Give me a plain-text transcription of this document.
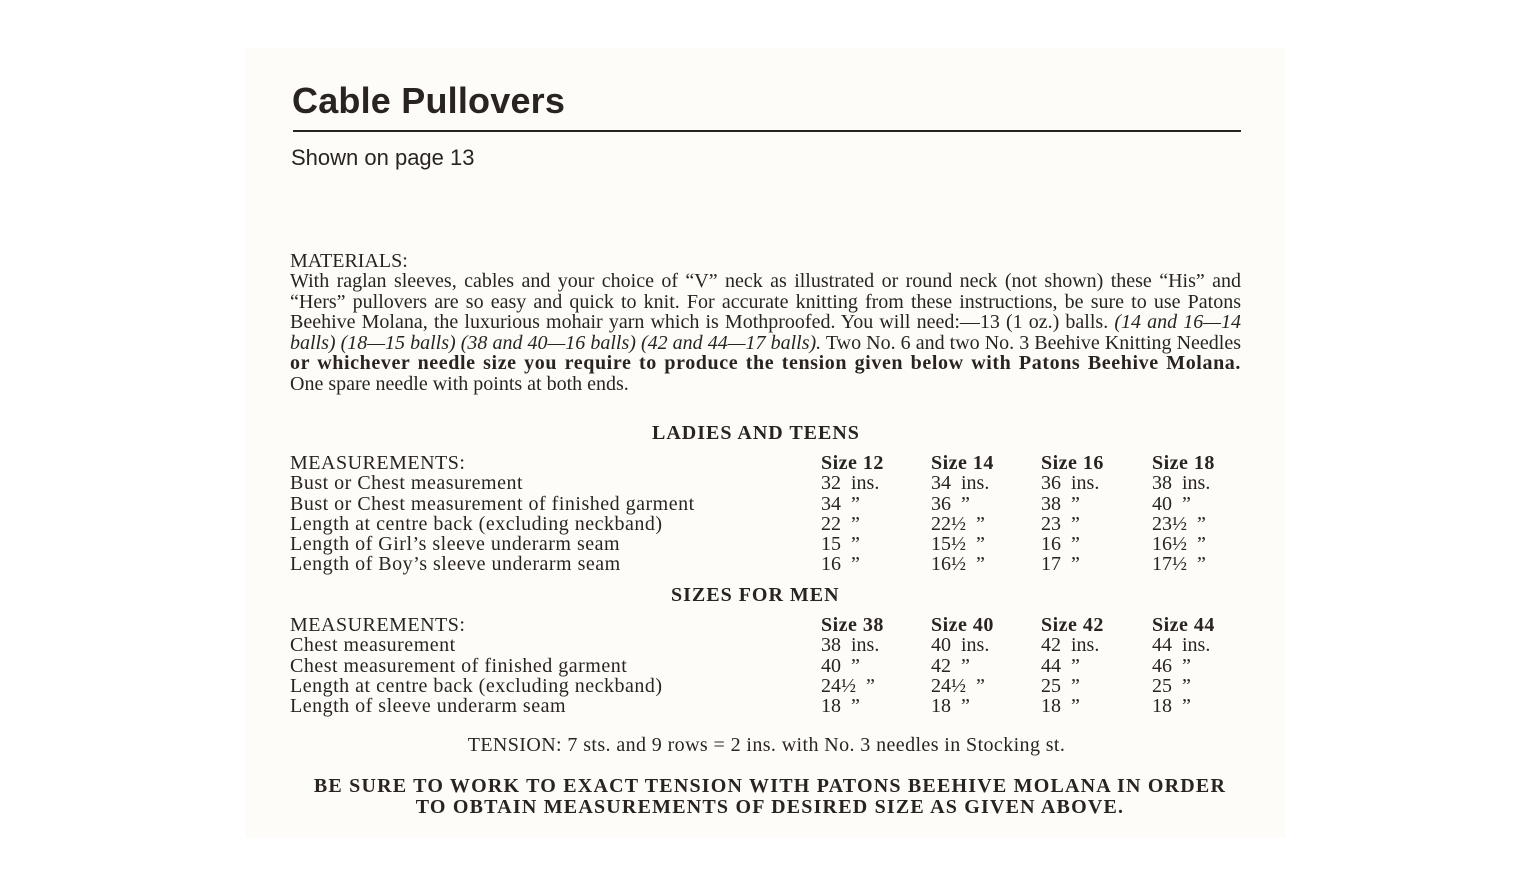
Cable Pullovers
Shown on page 13
MATERIALS:
With raglan sleeves, cables and your choice of “V” neck as illustrated or round neck (not shown) these “His” and “Hers” pullovers are so easy and quick to knit. For accurate knitting from these instructions, be sure to use Patons Beehive Molana, the luxurious mohair yarn which is Mothproofed. You will need:—13 (1 oz.) balls. (14 and 16—14 balls) (18—15 balls) (38 and 40—16 balls) (42 and 44—17 balls). Two No. 6 and two No. 3 Beehive Knitting Needles or whichever needle size you require to produce the tension given below with Patons Beehive Molana. One spare needle with points at both ends.
LADIES AND TEENS
MEASUREMENTS:	Size 12 Size 14 Size 16 Size 18
Bust or Chest measurement	32  ins.	34  ins.	36  ins.	38  ins.
Bust or Chest measurement of finished garment	34  ”	36  ”	38  ”	40  ”
Length at centre back (excluding neckband)	22  ”	22½  ”	23  ”	23½  ”
Length of Girl’s sleeve underarm seam	15  ”	15½  ”	16  ”	16½  ”
Length of Boy’s sleeve underarm seam	16  ”	16½  ”	17  ”	17½  ”
SIZES FOR MEN
MEASUREMENTS:	Size 38 Size 40 Size 42 Size 44
Chest measurement	38  ins.	40  ins.	42  ins.	44  ins.
Chest measurement of finished garment	40  ”	42  ”	44  ”	46  ”
Length at centre back (excluding neckband)	24½  ”	24½  ”	25  ”	25  ”
Length of sleeve underarm seam	18  ”	18  ”	18  ”	18  ”
TENSION: 7 sts. and 9 rows = 2 ins. with No. 3 needles in Stocking st.
BE SURE TO WORK TO EXACT TENSION WITH PATONS BEEHIVE MOLANA IN ORDER TO OBTAIN MEASUREMENTS OF DESIRED SIZE AS GIVEN ABOVE.
